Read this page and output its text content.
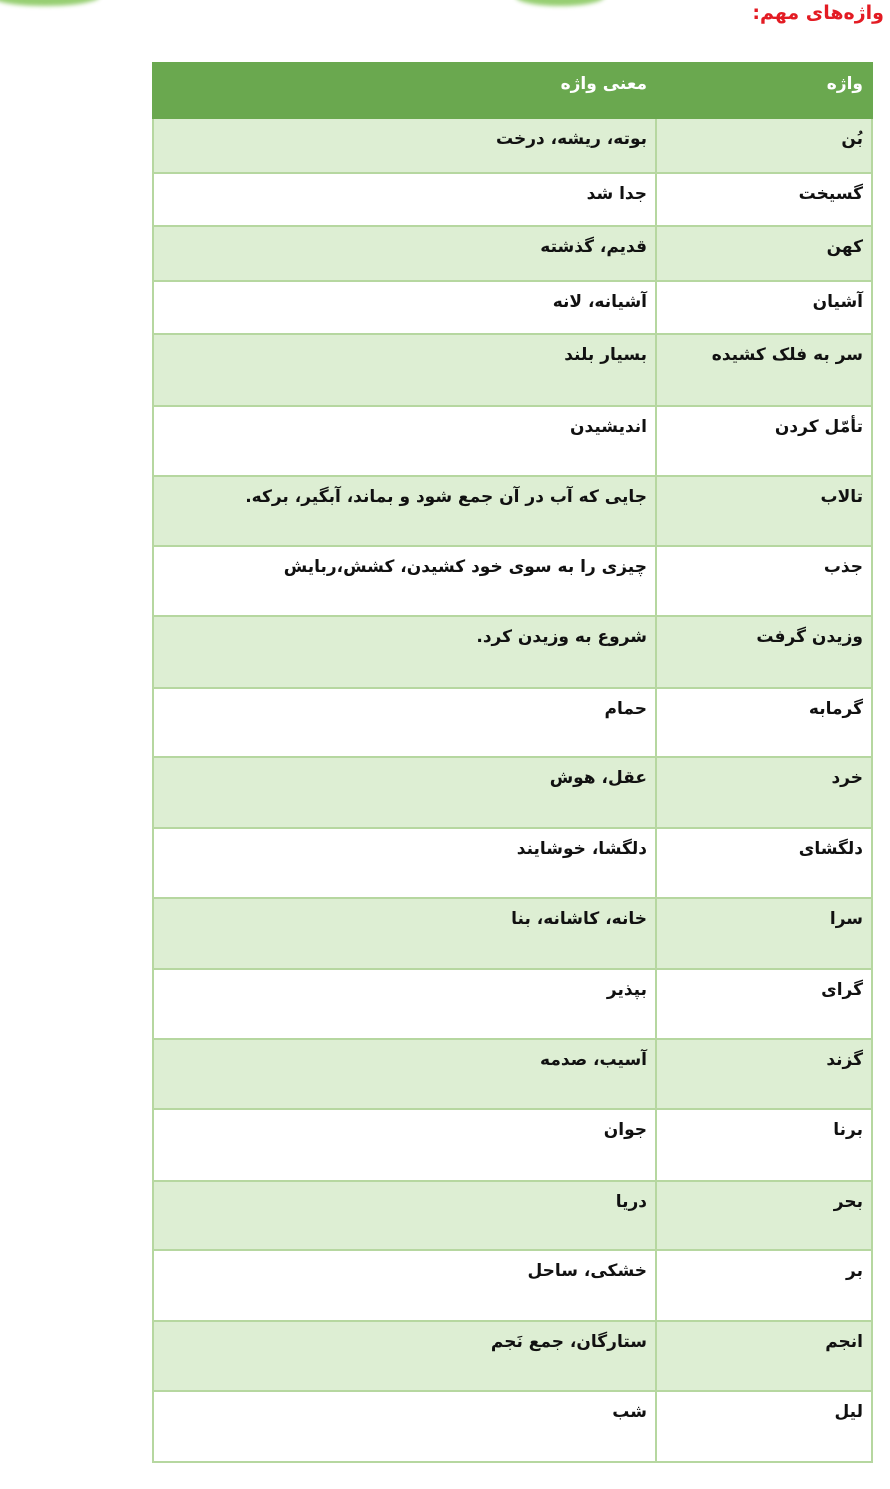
واژه‌های مهم:
واژه	معنی واژه
بُن	بوته، ریشه، درخت
گسیخت	جدا شد
کهن	قدیم، گذشته
آشیان	آشیانه، لانه
سر به فلک کشیده	بسیار بلند
تأمّل کردن	اندیشیدن
تالاب	جایی که آب در آن جمع شود و بماند، آبگیر، برکه.
جذب	چیزی را به سوی خود کشیدن، کشش،ربایش
وزیدن گرفت	شروع به وزیدن کرد.
گرمابه	حمام
خرد	عقل، هوش
دلگشای	دلگشا، خوشایند
سرا	خانه، کاشانه، بنا
گرای	بپذیر
گزند	آسیب، صدمه
برنا	جوان
بحر	دریا
بر	خشکی، ساحل
انجم	ستارگان، جمع نَجم
لیل	شب
